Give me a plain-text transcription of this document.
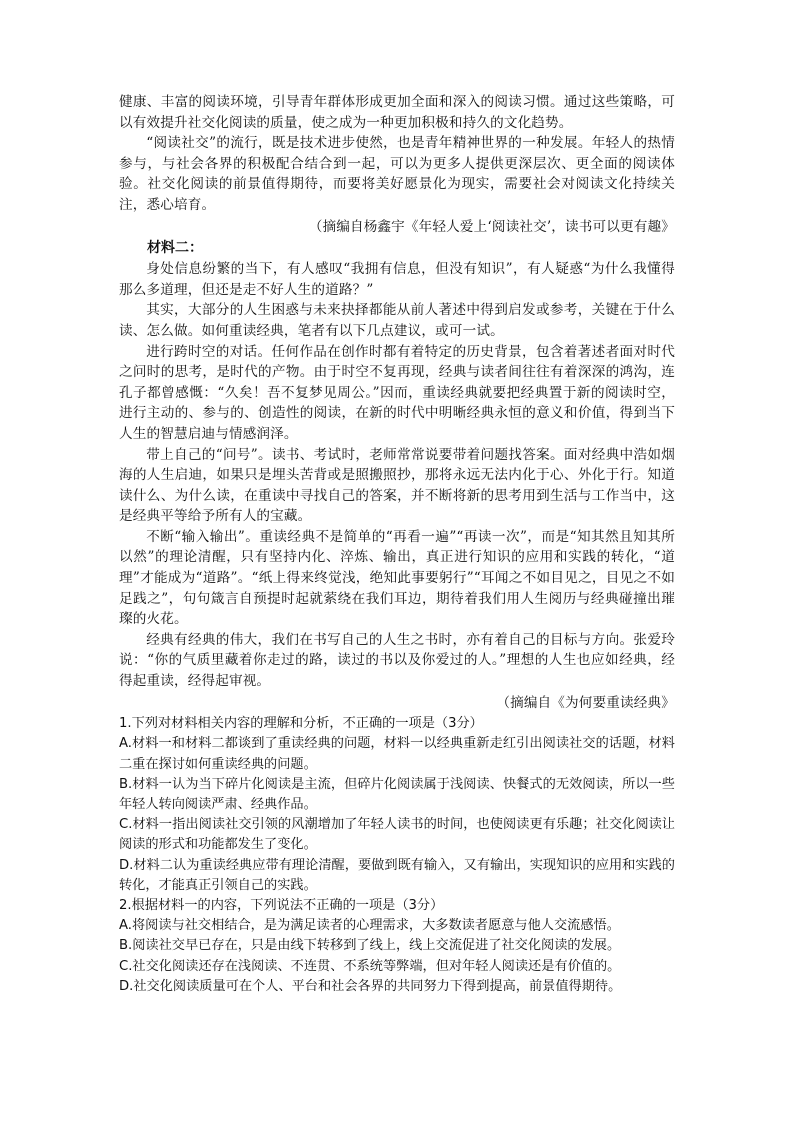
健康、丰富的阅读环境，引导青年群体形成更加全面和深入的阅读习惯。通过这些策略，可以有效提升社交化阅读的质量，使之成为一种更加积极和持久的文化趋势。

“阅读社交”的流行，既是技术进步使然，也是青年精神世界的一种发展。年轻人的热情参与，与社会各界的积极配合结合到一起，可以为更多人提供更深层次、更全面的阅读体验。社交化阅读的前景值得期待，而要将美好愿景化为现实，需要社会对阅读文化持续关注，悉心培育。

（摘编自杨鑫宇《年轻人爱上‘阅读社交’，读书可以更有趣》

材料二：

身处信息纷繁的当下，有人感叹“我拥有信息，但没有知识”，有人疑惑“为什么我懂得那么多道理，但还是走不好人生的道路？”

其实，大部分的人生困惑与未来抉择都能从前人著述中得到启发或参考，关键在于什么读、怎么做。如何重读经典，笔者有以下几点建议，或可一试。

进行跨时空的对话。任何作品在创作时都有着特定的历史背景，包含着著述者面对时代之问时的思考，是时代的产物。由于时空不复再现，经典与读者间往往有着深深的鸿沟，连孔子都曾感慨：“久矣！吾不复梦见周公。”因而，重读经典就要把经典置于新的阅读时空，进行主动的、参与的、创造性的阅读，在新的时代中明晰经典永恒的意义和价值，得到当下人生的智慧启迪与情感润泽。

带上自己的“问号”。读书、考试时，老师常常说要带着问题找答案。面对经典中浩如烟海的人生启迪，如果只是埋头苦背或是照搬照抄，那将永远无法内化于心、外化于行。知道读什么、为什么读，在重读中寻找自己的答案，并不断将新的思考用到生活与工作当中，这是经典平等给予所有人的宝藏。

不断“输入输出”。重读经典不是简单的“再看一遍”“再读一次”，而是“知其然且知其所以然”的理论清醒，只有坚持内化、淬炼、输出，真正进行知识的应用和实践的转化，“道理”才能成为“道路”。“纸上得来终觉浅，绝知此事要躬行”“耳闻之不如目见之，目见之不如足践之”，句句箴言自预提时起就萦绕在我们耳边，期待着我们用人生阅历与经典碰撞出璀璨的火花。

经典有经典的伟大，我们在书写自己的人生之书时，亦有着自己的目标与方向。张爱玲说：“你的气质里藏着你走过的路，读过的书以及你爱过的人。”理想的人生也应如经典，经得起重读，经得起审视。

（摘编自《为何要重读经典》

1.下列对材料相关内容的理解和分析，不正确的一项是（3分）

A.材料一和材料二都谈到了重读经典的问题，材料一以经典重新走红引出阅读社交的话题，材料二重在探讨如何重读经典的问题。

B.材料一认为当下碎片化阅读是主流，但碎片化阅读属于浅阅读、快餐式的无效阅读，所以一些年轻人转向阅读严肃、经典作品。

C.材料一指出阅读社交引领的风潮增加了年轻人读书的时间，也使阅读更有乐趣；社交化阅读让阅读的形式和功能都发生了变化。

D.材料二认为重读经典应带有理论清醒，要做到既有输入，又有输出，实现知识的应用和实践的转化，才能真正引领自己的实践。

2.根据材料一的内容，下列说法不正确的一项是（3分）

A.将阅读与社交相结合，是为满足读者的心理需求，大多数读者愿意与他人交流感悟。

B.阅读社交早已存在，只是由线下转移到了线上，线上交流促进了社交化阅读的发展。

C.社交化阅读还存在浅阅读、不连贯、不系统等弊端，但对年轻人阅读还是有价值的。

D.社交化阅读质量可在个人、平台和社会各界的共同努力下得到提高，前景值得期待。
